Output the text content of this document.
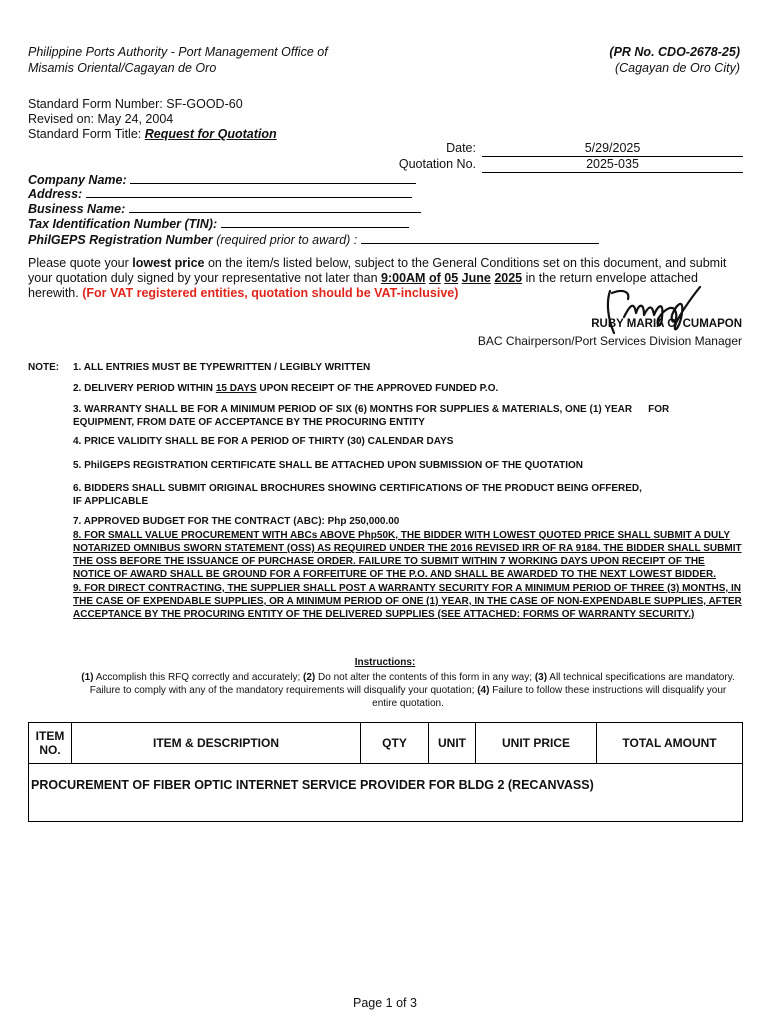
Philippine Ports Authority - Port Management Office of
Misamis Oriental/Cagayan de Oro
(PR No. CDO-2678-25)
(Cagayan de Oro City)
Standard Form Number: SF-GOOD-60
Revised on: May 24, 2004
Standard Form Title: Request for Quotation
Date:	5/29/2025
Quotation No.	2025-035
Company Name:
Address:
Business Name:
Tax Identification Number (TIN):
PhilGEPS Registration Number (required prior to award) :
Please quote your lowest price on the item/s listed below, subject to the General Conditions set on this document, and submit your quotation duly signed by your representative not later than 9:00AM of 05 June 2025 in the return envelope attached herewith. (For VAT registered entities, quotation should be VAT-inclusive)
RUBY MARIA O. CUMAPON
BAC Chairperson/Port Services Division Manager
NOTE: 1. ALL ENTRIES MUST BE TYPEWRITTEN / LEGIBLY WRITTEN

2. DELIVERY PERIOD WITHIN 15 DAYS UPON RECEIPT OF THE APPROVED FUNDED P.O.

3. WARRANTY SHALL BE FOR A MINIMUM PERIOD OF SIX (6) MONTHS FOR SUPPLIES & MATERIALS, ONE (1) YEAR FOR
EQUIPMENT, FROM DATE OF ACCEPTANCE BY THE PROCURING ENTITY

4. PRICE VALIDITY SHALL BE FOR A PERIOD OF THIRTY (30) CALENDAR DAYS

5. PhilGEPS REGISTRATION CERTIFICATE SHALL BE ATTACHED UPON SUBMISSION OF THE QUOTATION

6. BIDDERS SHALL SUBMIT ORIGINAL BROCHURES SHOWING CERTIFICATIONS OF THE PRODUCT BEING OFFERED,
IF APPLICABLE

7. APPROVED BUDGET FOR THE CONTRACT (ABC): Php 250,000.00

8. FOR SMALL VALUE PROCUREMENT WITH ABCs ABOVE Php50K, THE BIDDER WITH LOWEST QUOTED PRICE SHALL SUBMIT A DULY NOTARIZED OMNIBUS SWORN STATEMENT (OSS) AS REQUIRED UNDER THE 2016 REVISED IRR OF RA 9184. THE BIDDER SHALL SUBMIT THE OSS BEFORE THE ISSUANCE OF PURCHASE ORDER. FAILURE TO SUBMIT WITHIN 7 WORKING DAYS UPON RECEIPT OF THE NOTICE OF AWARD SHALL BE GROUND FOR A FORFEITURE OF THE P.O. AND SHALL BE AWARDED TO THE NEXT LOWEST BIDDER.

9. FOR DIRECT CONTRACTING, THE SUPPLIER SHALL POST A WARRANTY SECURITY FOR A MINIMUM PERIOD OF THREE (3) MONTHS, IN THE CASE OF EXPENDABLE SUPPLIES, OR A MINIMUM PERIOD OF ONE (1) YEAR, IN THE CASE OF NON-EXPENDABLE SUPPLIES, AFTER ACCEPTANCE BY THE PROCURING ENTITY OF THE DELIVERED SUPPLIES (SEE ATTACHED: FORMS OF WARRANTY SECURITY.)

Instructions:
(1) Accomplish this RFQ correctly and accurately; (2) Do not alter the contents of this form in any way; (3) All technical specifications are mandatory. Failure to comply with any of the mandatory requirements will disqualify your quotation; (4) Failure to follow these instructions will disqualify your entire quotation.
ITEM
NO.	ITEM & DESCRIPTION	QTY	UNIT	UNIT PRICE	TOTAL AMOUNT
PROCUREMENT OF FIBER OPTIC INTERNET SERVICE PROVIDER FOR BLDG 2 (RECANVASS)
Page 1 of 3
